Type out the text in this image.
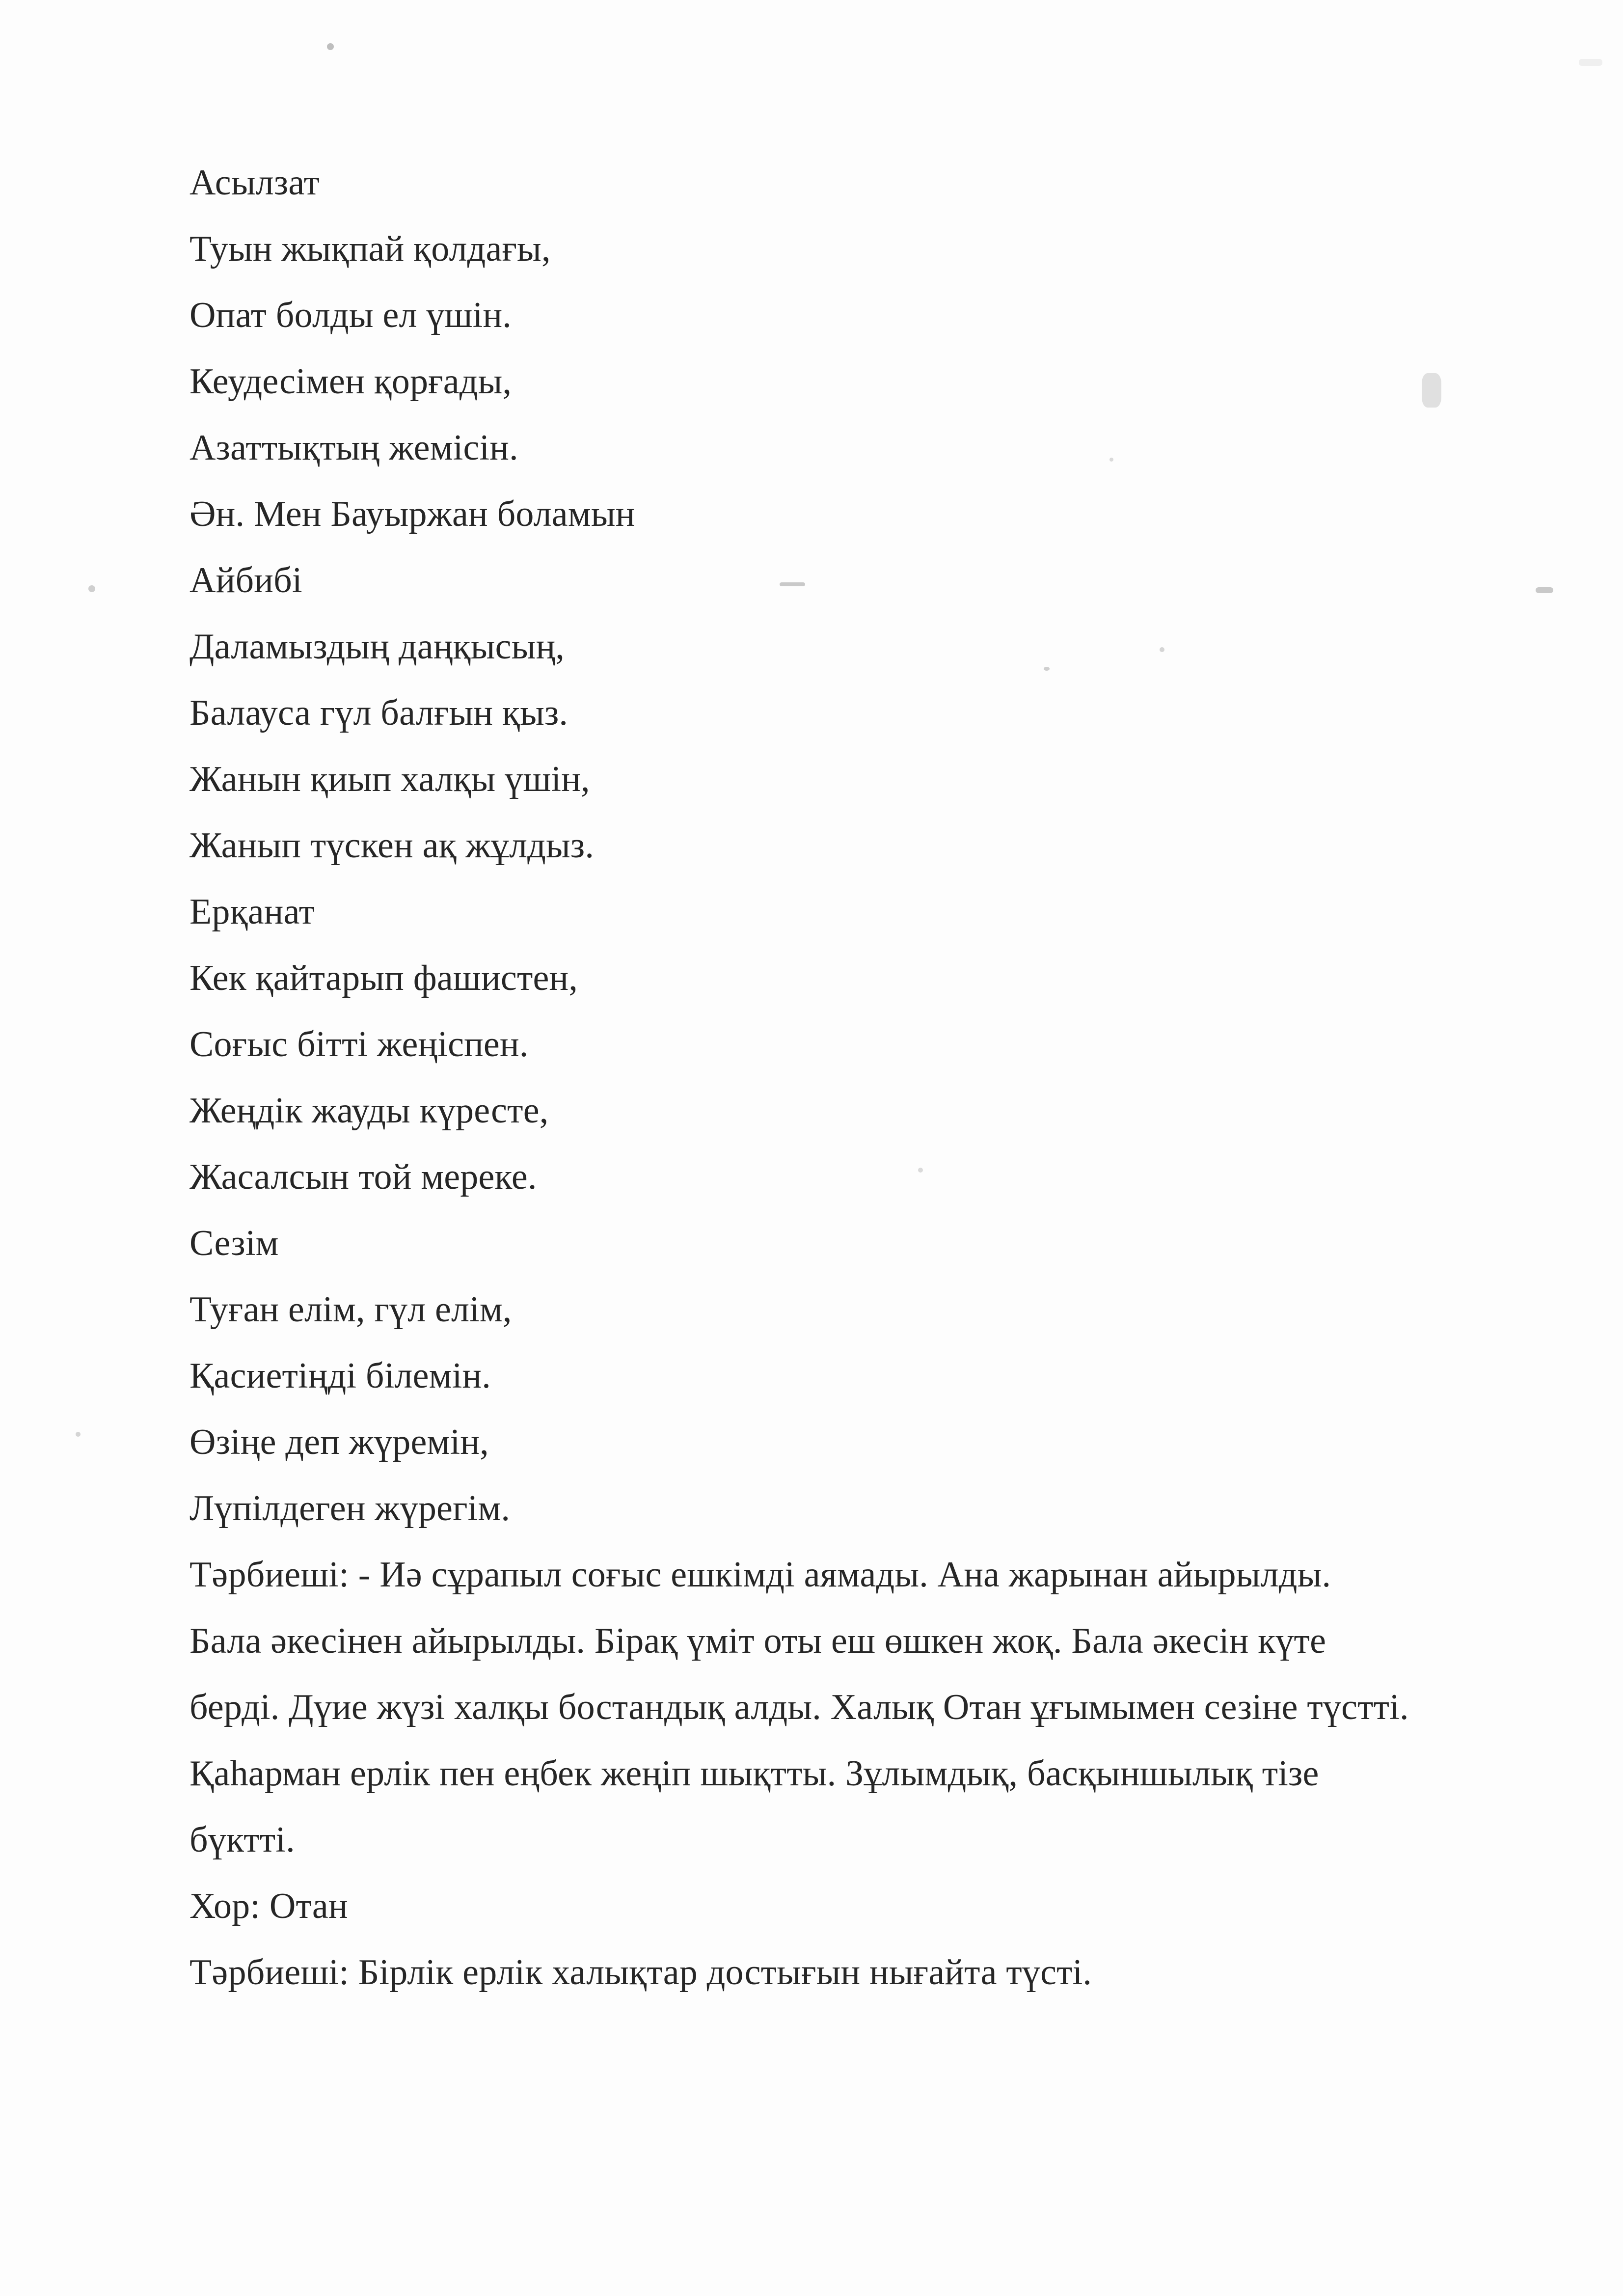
Асылзат
Туын жықпай қолдағы,
Опат болды ел үшін.
Кеудесімен қорғады,
Азаттықтың жемісін.
Ән. Мен Бауыржан боламын
Айбибі
Даламыздың даңқысың,
Балауса гүл балғын қыз.
Жанын қиып халқы үшін,
Жанып түскен ақ жұлдыз.
Ерқанат
Кек қайтарып фашистен,
Соғыс бітті жеңіспен.
Жеңдік жауды күресте,
Жасалсын той мереке.
Сезім
Туған елім, гүл елім,
Қасиетіңді білемін.
Өзіңе деп жүремін,
Лүпілдеген жүрегім.
Тәрбиеші: - Иә сұрапыл соғыс ешкімді аямады. Ана жарынан айырылды.
Бала әкесінен айырылды. Бірақ үміт оты еш өшкен жоқ. Бала әкесін күте
берді. Дүие жүзі халқы бостандық алды. Халық Отан ұғымымен сезіне түстті.
Қаһарман ерлік пен еңбек жеңіп шықтты. Зұлымдық, басқыншылық тізе
бүктті.
Хор: Отан
Тәрбиеші: Бірлік ерлік халықтар достығын нығайта түсті.
